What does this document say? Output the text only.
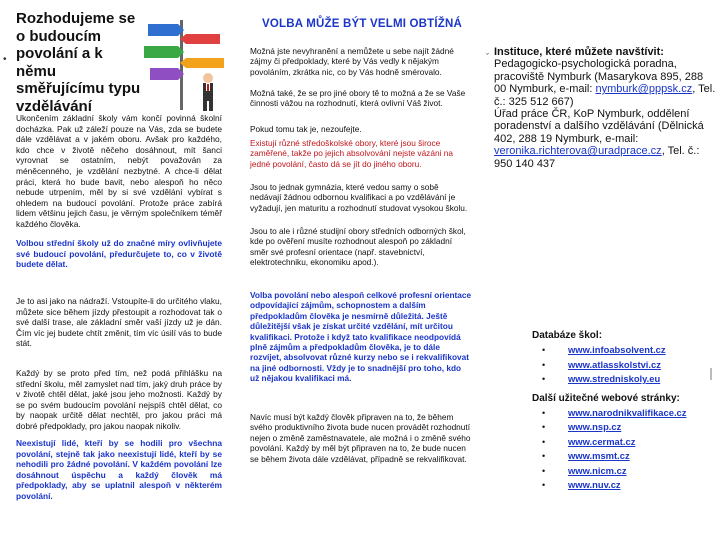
•
Rozhodujeme se o budoucím povolání a k němu směřujícímu typu vzdělávání

Ukončením základní školy vám končí povinná školní docházka. Pak už záleží pouze na Vás, zda se budete dále vzdělávat a v jakém oboru. Avšak pro každého, kdo chce v životě něčeho dosáhnout, mít šanci vyrovnat se ostatním, nebýt považován za méněcenného, je vzdělání nezbytné. A chce-li dělat práci, která ho bude bavit, nebo alespoň ho něco nebude utrpením, měl by si své vzdělání vybírat s ohledem na budoucí povolání. Protože práce zabírá lidem většinu jejich času, je věrným společníkem téměř každého člověka.

Volbou střední školy už do značné míry ovlivňujete své budoucí povolání, předurčujete to, co v životě budete dělat.

Je to asi jako na nádraží. Vstoupíte-li do určitého vlaku, můžete sice během jízdy přestoupit a rozhodovat tak o své další trase, ale základní směr vaší jízdy už je dán. Čím víc jej budete chtít změnit, tím víc úsilí vás to bude stát.

Každý by se proto před tím, než podá přihlášku na střední školu, měl zamyslet nad tím, jaký druh práce by v životě chtěl dělat, jaké jsou jeho možnosti. Každý by se po svém budoucím povolání nejspíš chtěl dělat, co by naopak určitě dělat nechtěl, pro jakou práci má dobré předpoklady, pro jakou naopak nikoliv.

Neexistují lidé, kteří by se hodili pro všechna povolání, stejně tak jako neexistují lidé, kteří by se nehodili pro žádné povolání. V každém povolání lze dosáhnout úspěchu a každý člověk má předpoklady, aby se uplatnil alespoň v některém povolání.

VOLBA MŮŽE BÝT VELMI OBTÍŽNÁ

Možná jste nevyhranění a nemůžete u sebe najít žádné zájmy či předpoklady, které by Vás vedly k nějakým povoláním, zkrátka nic, co by Vás hodně smérovalo.

Možná také, že se pro jiné obory tě to možná a že se Vaše činnosti vážou na rozhodnutí, která ovlivní Váš život.

Pokud tomu tak je, nezoufejte.

Existují různé středoškolské obory, které jsou široce zaměřené, takže po jejich absolvování nejste vázáni na jedné povolání, často dá se jít do jiného oboru.

Jsou to jednak gymnázia, které vedou samy o sobě nedávají žádnou odbornou kvalifikaci a po vzdělávání je vyžadují, jen maturitu a rozhodnutí studovat vysokou školu.

Jsou to ale i různé studijní obory středních odborných škol, kde po ověření musíte rozhodnout alespoň po základní směr své profesní orientace (např. stavebnictví, elektrotechniku, ekonomiku apod.).

Volba povolání nebo alespoň celkové profesní orientace odpovídající zájmům, schopnostem a dalším předpokladům člověka je nesmírně důležitá. Ještě důležitější však je získat určité vzdělání, mít určitou kvalifikaci. Protože i když tato kvalifikace neodpovídá plně zájmům a předpokladům člověka, je to dále rozvíjet, absolvovat různé kurzy nebo se i rekvalifikovat na jiné odbornosti. Vždy je to snadnější pro toho, kdo už nějakou kvalifikaci má.

Navíc musí být každý člověk připraven na to, že během svého produktivního života bude nucen provádět rozhodnutí nejen o změně zaměstnavatele, ale možná i o změně svého povolání. Každý by měl být připraven na to, že bude nucen se během života dále vzdělávat, případně se rekvalifikovat.

ˇ Instituce, které můžete navštívit:
Pedagogicko-psychologická poradna, pracoviště Nymburk (Masarykova 895, 288 00 Nymburk, e-mail: nymburk@pppsk.cz, Tel. č.: 325 512 667)
Úřad práce ČR, KoP Nymburk, oddělení poradenství a dalšího vzdělávání (Dělnická 402, 288 19 Nymburk, e-mail: veronika.richterova@uradprace.cz, Tel. č.: 950 140 437

Databáze škol:

• www.infoabsolvent.cz
• www.atlasskolstvi.cz
• www.stredniskoly.eu

Další užitečné webové stránky:

• www.narodnikvalifikace.cz
• www.nsp.cz
• www.cermat.cz
• www.msmt.cz
• www.nicm.cz
• www.nuv.cz
